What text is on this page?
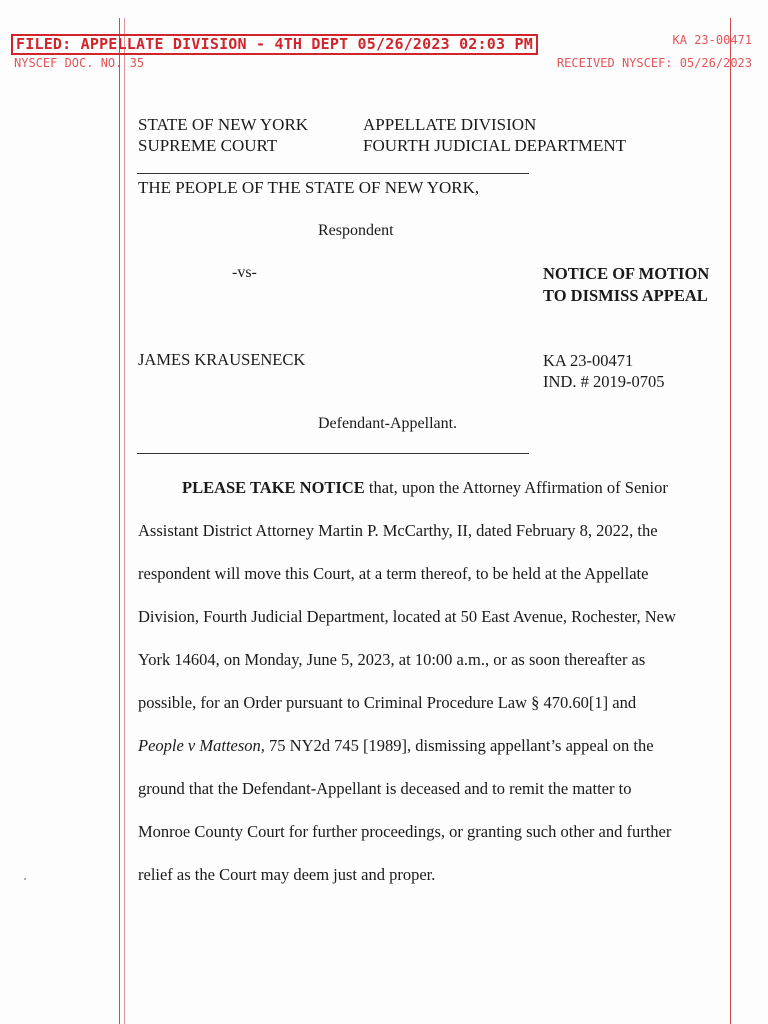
FILED: APPELLATE DIVISION - 4TH DEPT 05/26/2023 02:03 PM	KA 23-00471
NYSCEF DOC. NO. 35	RECEIVED NYSCEF: 05/26/2023
STATE OF NEW YORK
SUPREME COURT
APPELLATE DIVISION
FOURTH JUDICIAL DEPARTMENT
THE PEOPLE OF THE STATE OF NEW YORK,
Respondent
-vs-	NOTICE OF MOTION
TO DISMISS APPEAL
JAMES KRAUSENECK	KA 23-00471
IND. # 2019-0705
Defendant-Appellant.
PLEASE TAKE NOTICE that, upon the Attorney Affirmation of Senior
Assistant District Attorney Martin P. McCarthy, II, dated February 8, 2022, the
respondent will move this Court, at a term thereof, to be held at the Appellate
Division, Fourth Judicial Department, located at 50 East Avenue, Rochester, New
York 14604, on Monday, June 5, 2023, at 10:00 a.m., or as soon thereafter as
possible, for an Order pursuant to Criminal Procedure Law § 470.60[1] and
People v Matteson, 75 NY2d 745 [1989], dismissing appellant’s appeal on the
ground that the Defendant-Appellant is deceased and to remit the matter to
Monroe County Court for further proceedings, or granting such other and further
relief as the Court may deem just and proper.
